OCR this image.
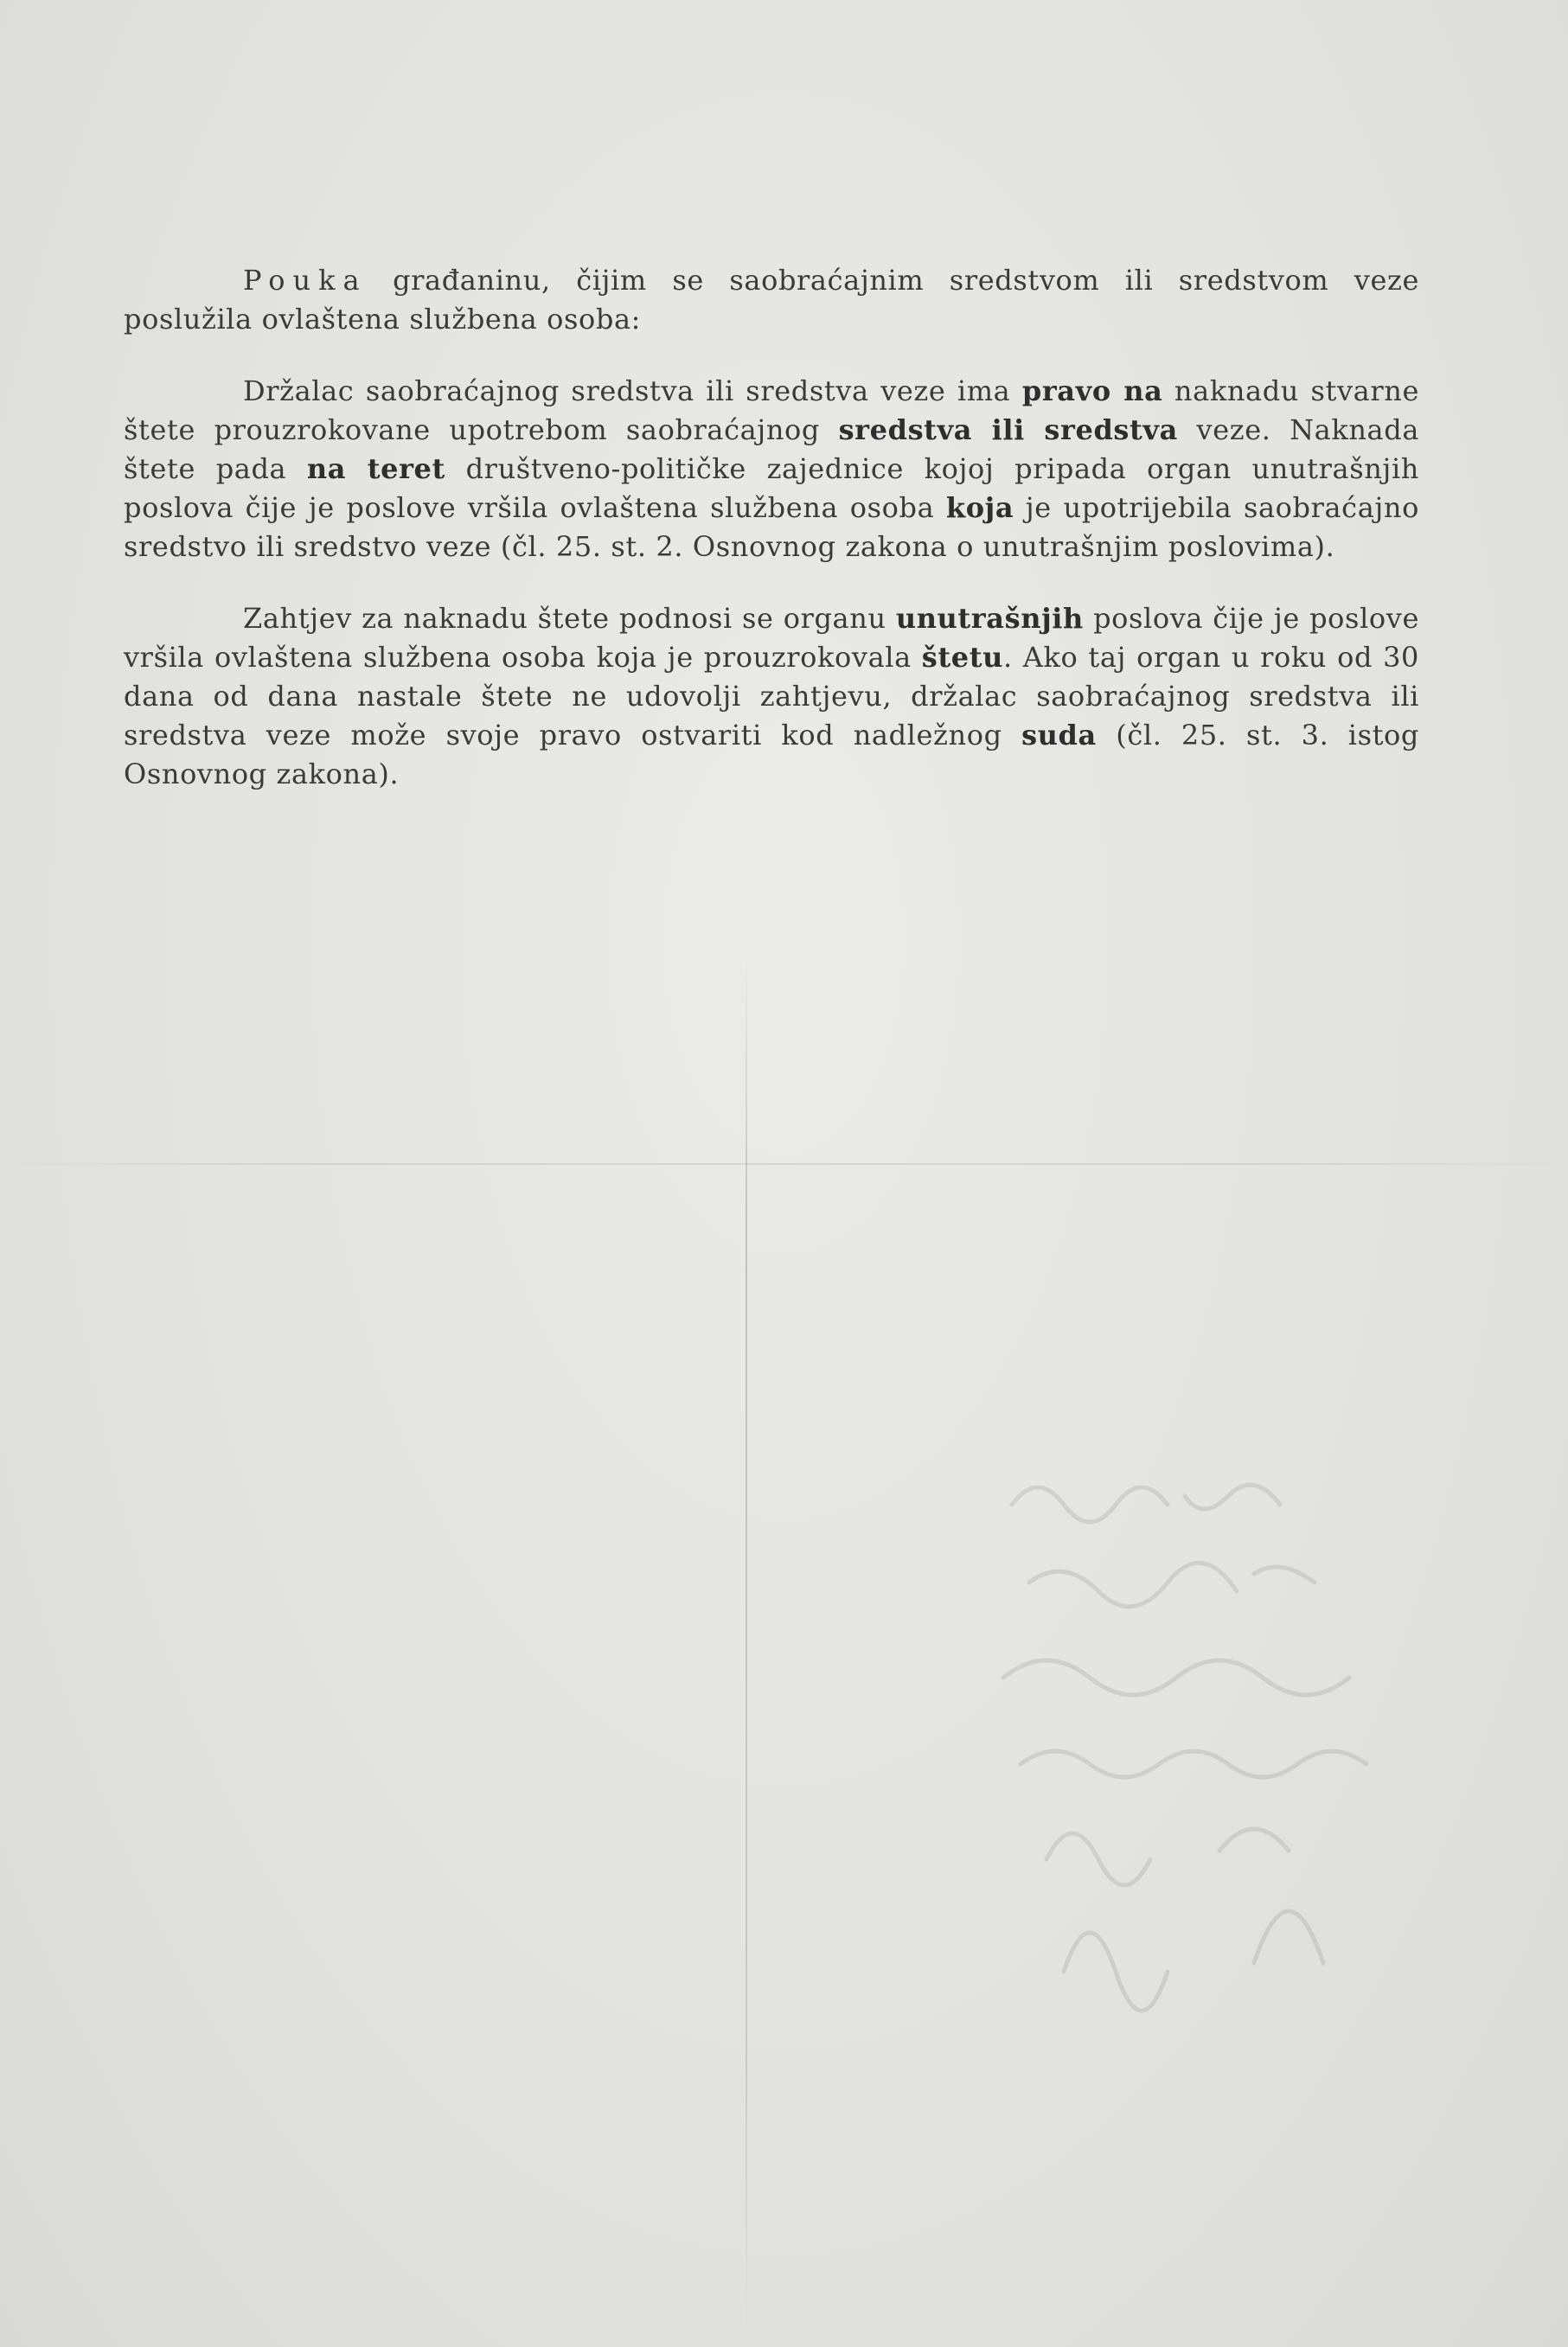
Pouka građaninu, čijim se saobraćajnim sredstvom ili sredstvom veze poslužila ovlaštena službena osoba:

Držalac saobraćajnog sredstva ili sredstva veze ima pravo na naknadu stvarne štete prouzrokovane upotrebom saobraćajnog sredstva ili sredstva veze. Naknada štete pada na teret društveno-političke zajednice kojoj pripada organ unutrašnjih poslova čije je poslove vršila ovlaštena službena osoba koja je upotrijebila saobraćajno sredstvo ili sredstvo veze (čl. 25. st. 2. Osnovnog zakona o unutrašnjim poslovima).

Zahtjev za naknadu štete podnosi se organu unutrašnjih poslova čije je poslove vršila ovlaštena službena osoba koja je prouzrokovala štetu. Ako taj organ u roku od 30 dana od dana nastale štete ne udovolji zahtjevu, držalac saobraćajnog sredstva ili sredstva veze može svoje pravo ostvariti kod nadležnog suda (čl. 25. st. 3. istog Osnovnog zakona).
